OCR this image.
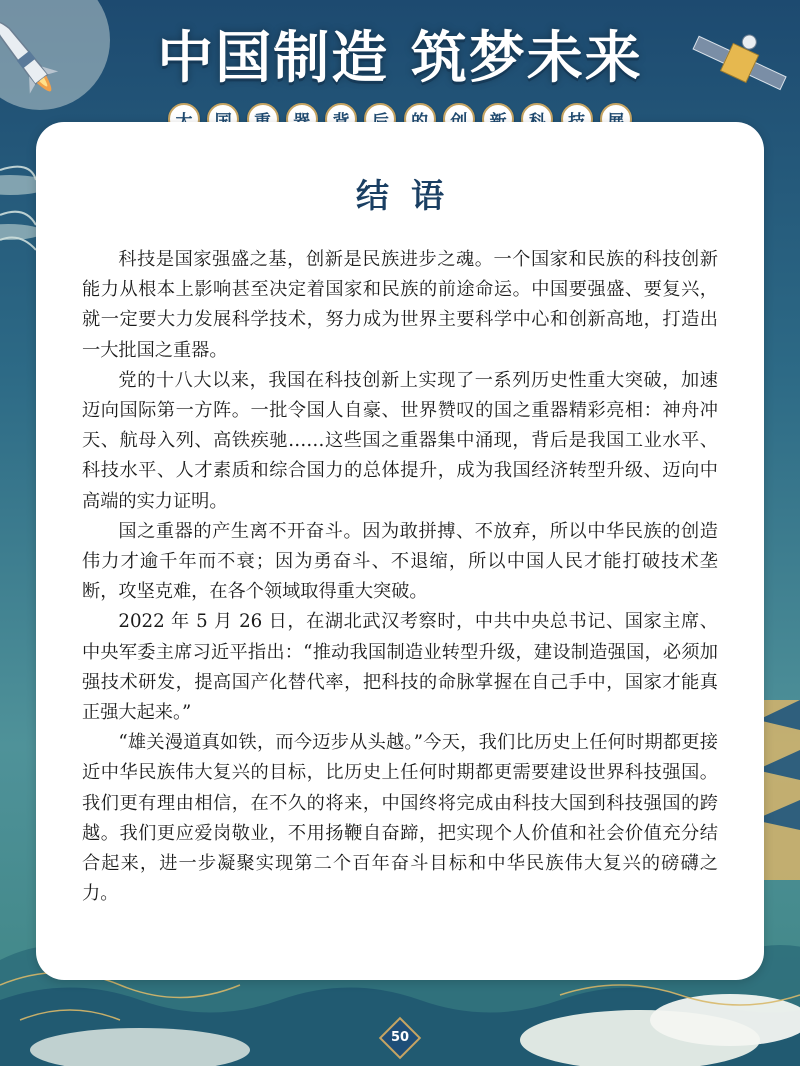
中国制造 筑梦未来
结语

科技是国家强盛之基，创新是民族进步之魂。一个国家和民族的科技创新能力从根本上影响甚至决定着国家和民族的前途命运。中国要强盛、要复兴，就一定要大力发展科学技术，努力成为世界主要科学中心和创新高地，打造出一大批国之重器。

党的十八大以来，我国在科技创新上实现了一系列历史性重大突破，加速迈向国际第一方阵。一批令国人自豪、世界赞叹的国之重器精彩亮相：神舟冲天、航母入列、高铁疾驰……这些国之重器集中涌现，背后是我国工业水平、科技水平、人才素质和综合国力的总体提升，成为我国经济转型升级、迈向中高端的实力证明。

国之重器的产生离不开奋斗。因为敢拼搏、不放弃，所以中华民族的创造伟力才逾千年而不衰；因为勇奋斗、不退缩，所以中国人民才能打破技术垄断，攻坚克难，在各个领域取得重大突破。

2022 年 5 月 26 日，在湖北武汉考察时，中共中央总书记、国家主席、中央军委主席习近平指出：“推动我国制造业转型升级，建设制造强国，必须加强技术研发，提高国产化替代率，把科技的命脉掌握在自己手中，国家才能真正强大起来。”

“雄关漫道真如铁，而今迈步从头越。”今天，我们比历史上任何时期都更接近中华民族伟大复兴的目标，比历史上任何时期都更需要建设世界科技强国。我们更有理由相信，在不久的将来，中国终将完成由科技大国到科技强国的跨越。我们更应爱岗敬业，不用扬鞭自奋蹄，把实现个人价值和社会价值充分结合起来，进一步凝聚实现第二个百年奋斗目标和中华民族伟大复兴的磅礴之力。

50
